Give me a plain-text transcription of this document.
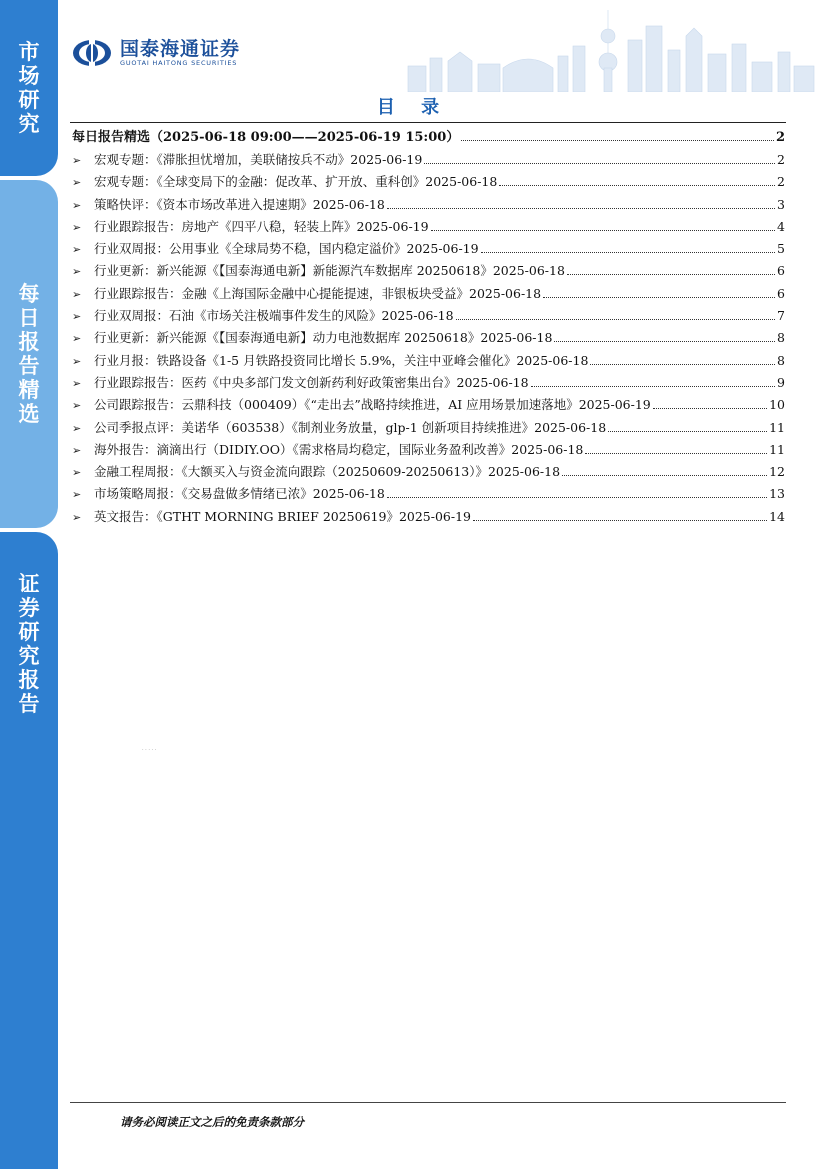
市
场
研
究
每
日
报
告
精
选
证
券
研
究
报
告
国泰海通证券
GUOTAI HAITONG SECURITIES
目 录
每日报告精选（2025-06-18 09:00——2025-06-19 15:00）	2
➢	宏观专题：《滞胀担忧增加，美联储按兵不动》2025-06-19	2
➢	宏观专题：《全球变局下的金融：促改革、扩开放、重科创》2025-06-18	2
➢	策略快评：《资本市场改革进入提速期》2025-06-18	3
➢	行业跟踪报告：房地产《四平八稳，轻装上阵》2025-06-19	4
➢	行业双周报：公用事业《全球局势不稳，国内稳定溢价》2025-06-19	5
➢	行业更新：新兴能源《【国泰海通电新】新能源汽车数据库 20250618》2025-06-18	6
➢	行业跟踪报告：金融《上海国际金融中心提能提速，非银板块受益》2025-06-18	6
➢	行业双周报：石油《市场关注极端事件发生的风险》2025-06-18	7
➢	行业更新：新兴能源《【国泰海通电新】动力电池数据库 20250618》2025-06-18	8
➢	行业月报：铁路设备《1-5 月铁路投资同比增长 5.9%，关注中亚峰会催化》2025-06-18	8
➢	行业跟踪报告：医药《中央多部门发文创新药利好政策密集出台》2025-06-18	9
➢	公司跟踪报告：云鼎科技（000409）《“走出去”战略持续推进，AI 应用场景加速落地》2025-06-19	10
➢	公司季报点评：美诺华（603538）《制剂业务放量，glp-1 创新项目持续推进》2025-06-18	11
➢	海外报告：滴滴出行（DIDIY.OO）《需求格局均稳定，国际业务盈利改善》2025-06-18	11
➢	金融工程周报：《大额买入与资金流向跟踪（20250609-20250613）》2025-06-18	12
➢	市场策略周报：《交易盘做多情绪已浓》2025-06-18	13
➢	英文报告：《GTHT MORNING BRIEF 20250619》2025-06-19	14
. . . . .
请务必阅读正文之后的免责条款部分
